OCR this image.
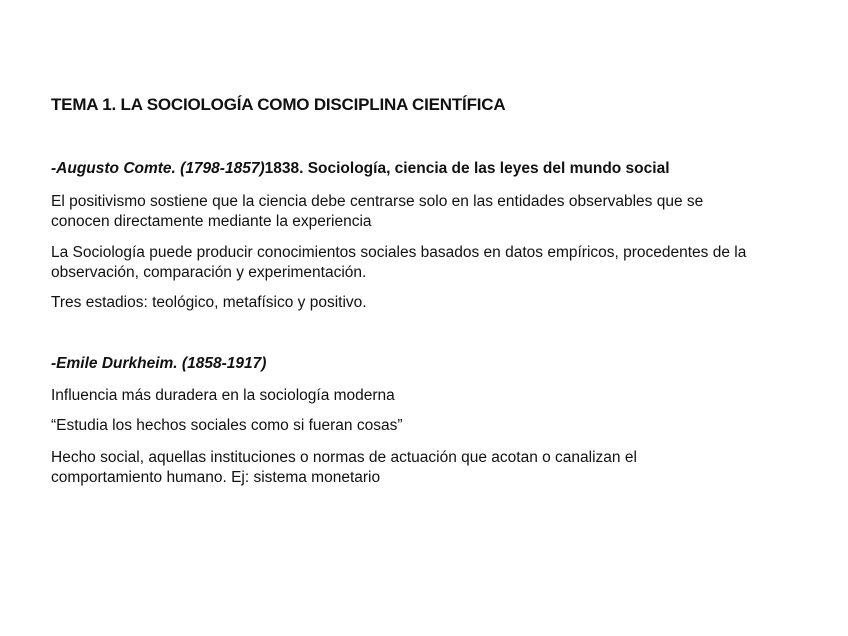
TEMA 1. LA SOCIOLOGÍA COMO DISCIPLINA CIENTÍFICA
-Augusto Comte. (1798-1857)1838. Sociología, ciencia de las leyes del mundo social
El positivismo sostiene que la ciencia debe centrarse solo en las entidades observables que se conocen directamente mediante la experiencia
La Sociología puede producir conocimientos sociales basados en datos empíricos, procedentes de la observación, comparación y experimentación.
Tres estadios: teológico, metafísico y positivo.
-Emile Durkheim. (1858-1917)
Influencia más duradera en la sociología moderna
“Estudia los hechos sociales como si fueran cosas”
Hecho social, aquellas instituciones o normas de actuación que acotan o canalizan el comportamiento humano. Ej: sistema monetario
